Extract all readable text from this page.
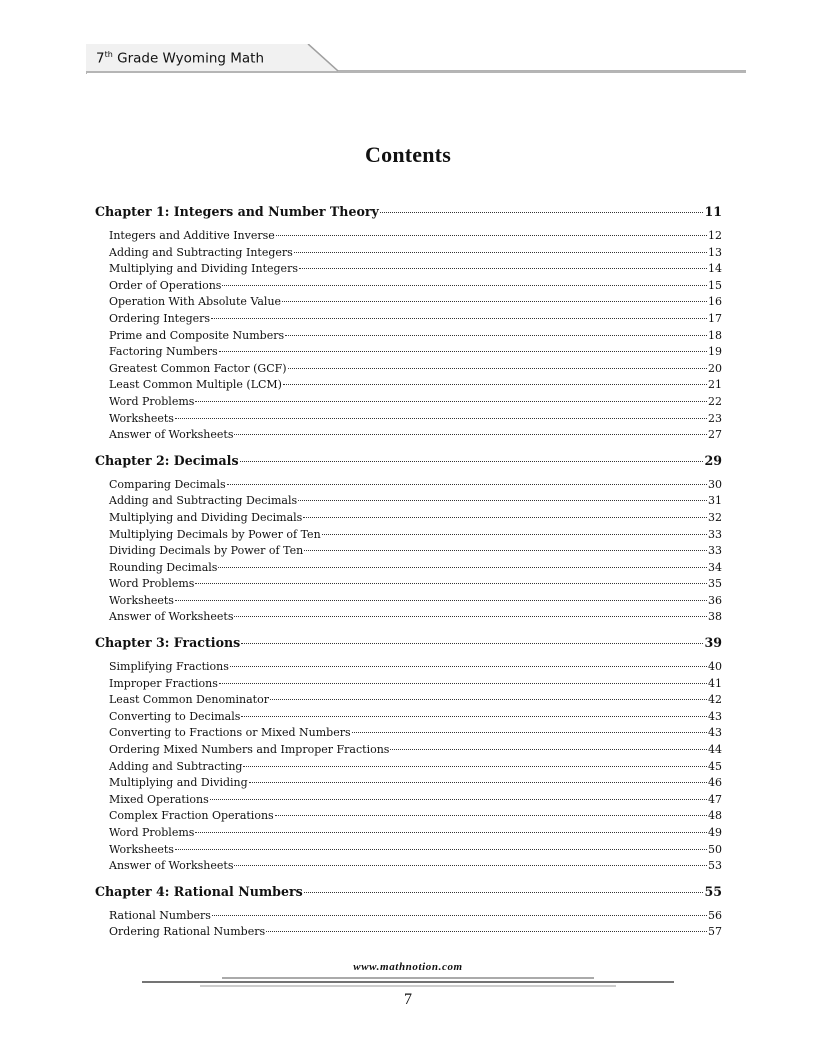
7th Grade Wyoming Math
Contents
Chapter 1: Integers and Number Theory	11
Integers and Additive Inverse	12
Adding and Subtracting Integers	13
Multiplying and Dividing Integers	14
Order of Operations	15
Operation With Absolute Value	16
Ordering Integers	17
Prime and Composite Numbers	18
Factoring Numbers	19
Greatest Common Factor (GCF)	20
Least Common Multiple (LCM)	21
Word Problems	22
Worksheets	23
Answer of Worksheets	27
Chapter 2: Decimals	29
Comparing Decimals	30
Adding and Subtracting Decimals	31
Multiplying and Dividing Decimals	32
Multiplying Decimals by Power of Ten	33
Dividing Decimals by Power of Ten	33
Rounding Decimals	34
Word Problems	35
Worksheets	36
Answer of Worksheets	38
Chapter 3: Fractions	39
Simplifying Fractions	40
Improper Fractions	41
Least Common Denominator	42
Converting to Decimals	43
Converting to Fractions or Mixed Numbers	43
Ordering Mixed Numbers and Improper Fractions	44
Adding and Subtracting	45
Multiplying and Dividing	46
Mixed Operations	47
Complex Fraction Operations	48
Word Problems	49
Worksheets	50
Answer of Worksheets	53
Chapter 4: Rational Numbers	55
Rational Numbers	56
Ordering Rational Numbers	57
www.mathnotion.com
7
